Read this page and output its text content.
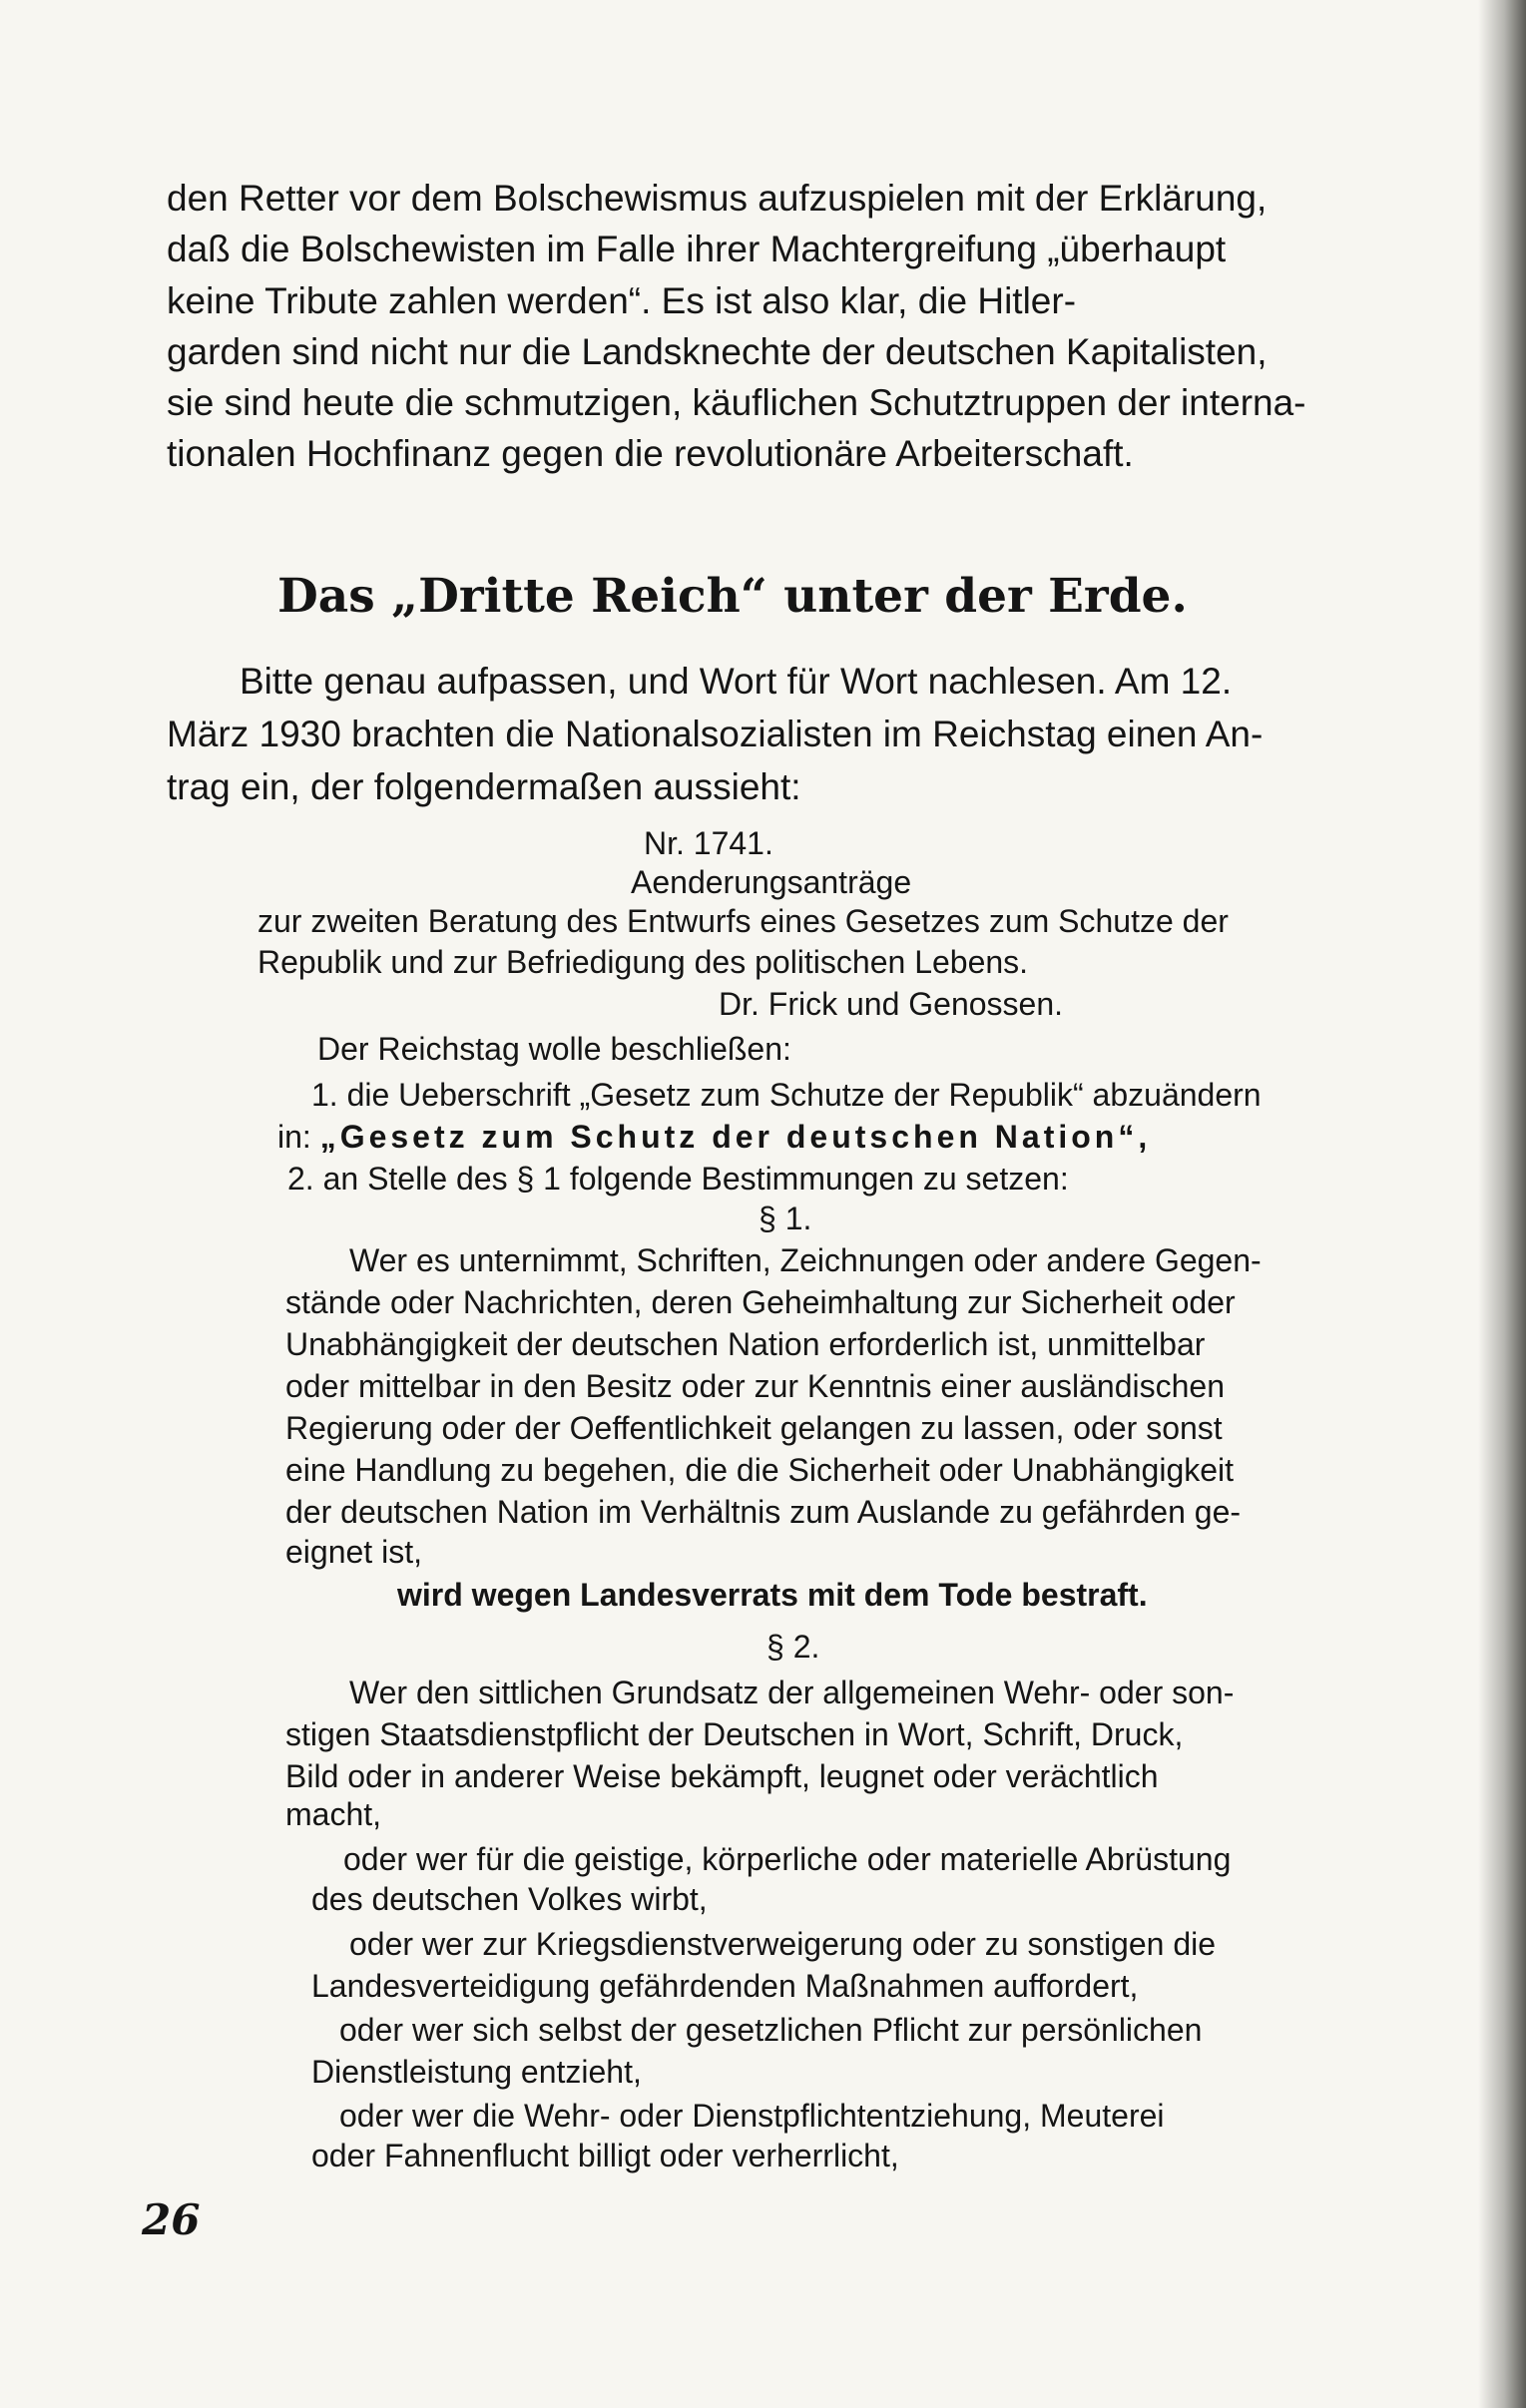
den Retter vor dem Bolschewismus aufzuspielen mit der Erklärung,

daß die Bolschewisten im Falle ihrer Machtergreifung „überhaupt

keine Tribute zahlen werden“. Es ist also klar, die Hitler-

garden sind nicht nur die Landsknechte der deutschen Kapitalisten,

sie sind heute die schmutzigen, käuflichen Schutztruppen der interna-

tionalen Hochfinanz gegen die revolutionäre Arbeiterschaft.

Das „Dritte Reich“ unter der Erde.

Bitte genau aufpassen, und Wort für Wort nachlesen. Am 12.

März 1930 brachten die Nationalsozialisten im Reichstag einen An-

trag ein, der folgendermaßen aussieht:

Nr. 1741.

Aenderungsanträge

zur zweiten Beratung des Entwurfs eines Gesetzes zum Schutze der

Republik und zur Befriedigung des politischen Lebens.

Dr. Frick und Genossen.

Der Reichstag wolle beschließen:

1. die Ueberschrift „Gesetz zum Schutze der Republik“ abzuändern

in: „Gesetz zum Schutz der deutschen Nation“,

2. an Stelle des § 1 folgende Bestimmungen zu setzen:

§ 1.

Wer es unternimmt, Schriften, Zeichnungen oder andere Gegen-

stände oder Nachrichten, deren Geheimhaltung zur Sicherheit oder

Unabhängigkeit der deutschen Nation erforderlich ist, unmittelbar

oder mittelbar in den Besitz oder zur Kenntnis einer ausländischen

Regierung oder der Oeffentlichkeit gelangen zu lassen, oder sonst

eine Handlung zu begehen, die die Sicherheit oder Unabhängigkeit

der deutschen Nation im Verhältnis zum Auslande zu gefährden ge-

eignet ist,

wird wegen Landesverrats mit dem Tode bestraft.

§ 2.

Wer den sittlichen Grundsatz der allgemeinen Wehr- oder son-

stigen Staatsdienstpflicht der Deutschen in Wort, Schrift, Druck,

Bild oder in anderer Weise bekämpft, leugnet oder verächtlich

macht,

oder wer für die geistige, körperliche oder materielle Abrüstung

des deutschen Volkes wirbt,

oder wer zur Kriegsdienstverweigerung oder zu sonstigen die

Landesverteidigung gefährdenden Maßnahmen auffordert,

oder wer sich selbst der gesetzlichen Pflicht zur persönlichen

Dienstleistung entzieht,

oder wer die Wehr- oder Dienstpflichtentziehung, Meuterei

oder Fahnenflucht billigt oder verherrlicht,

26
